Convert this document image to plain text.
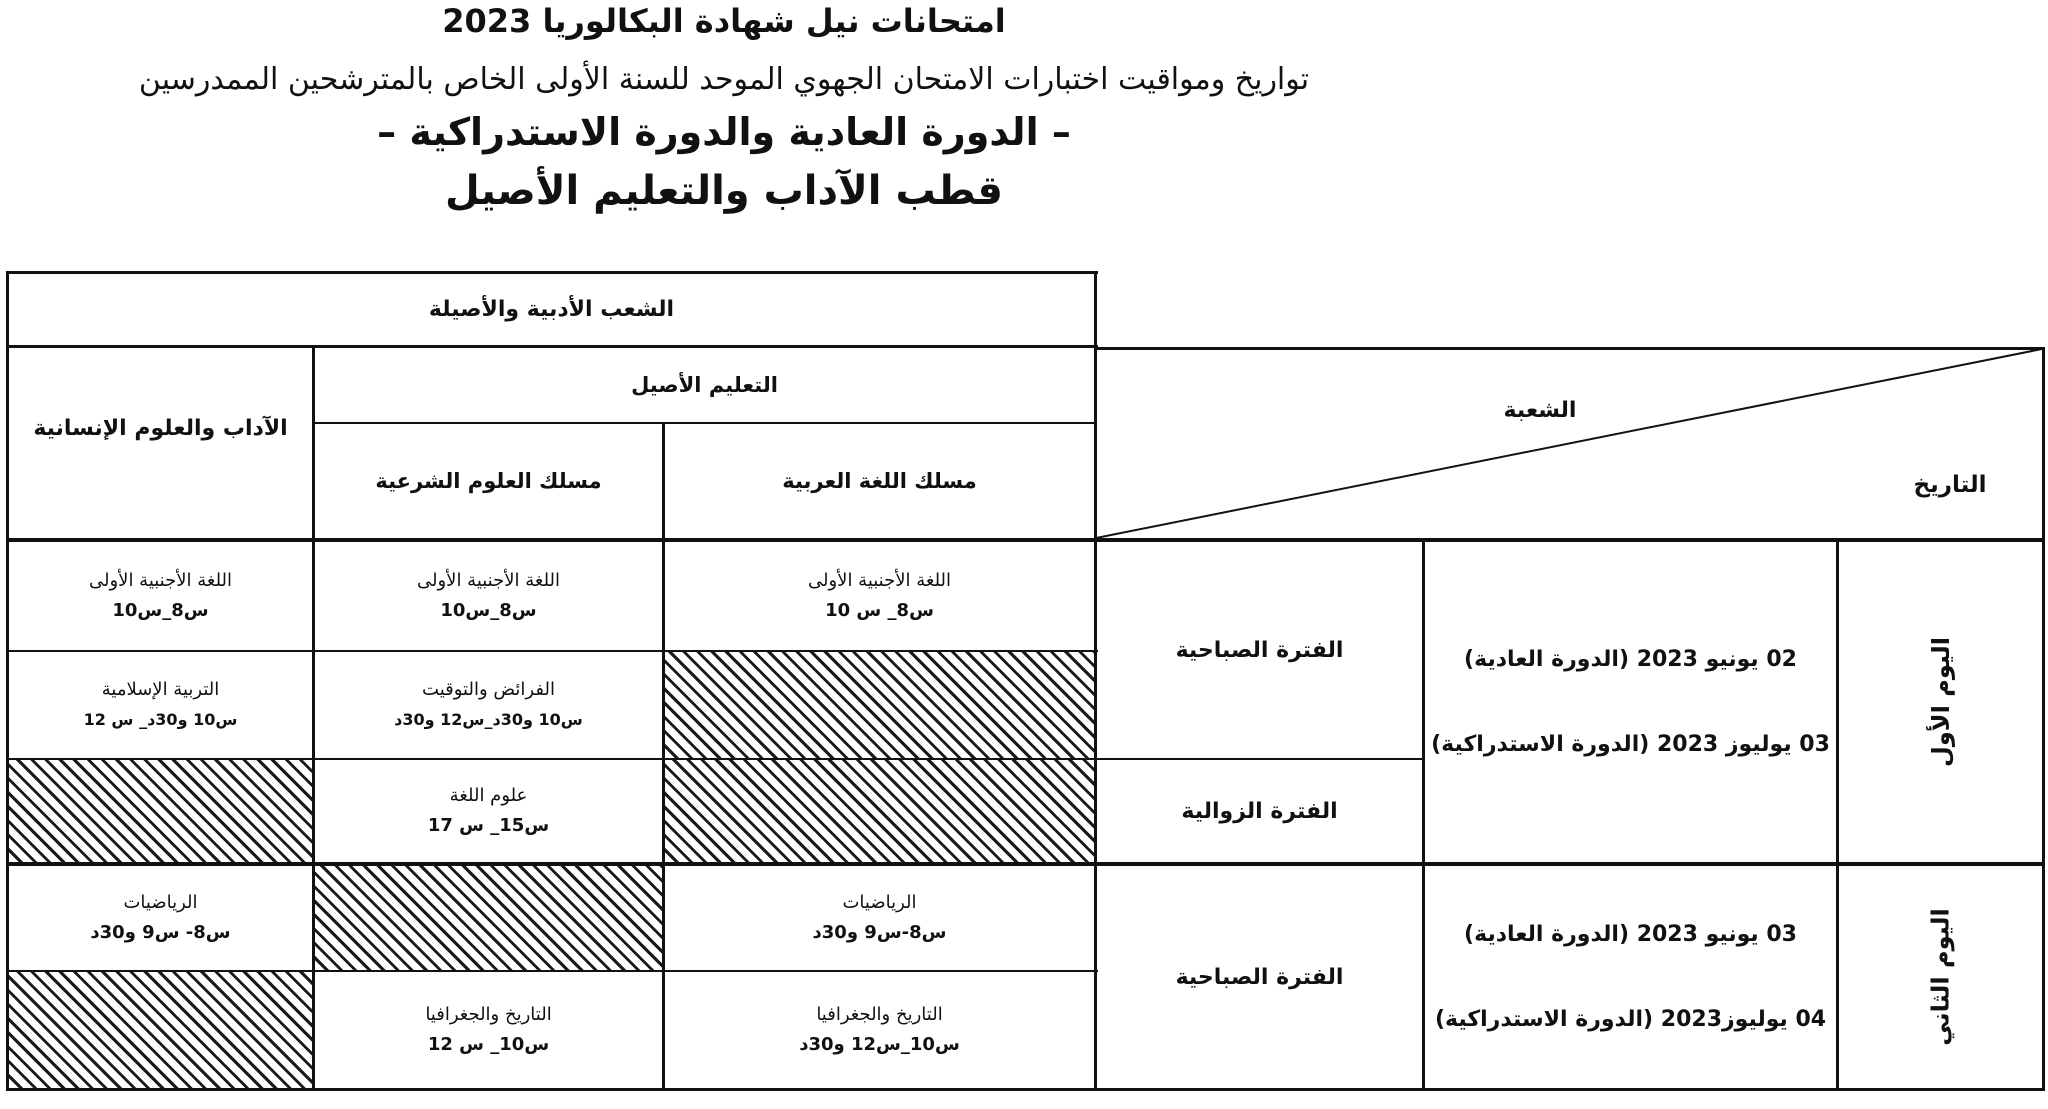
امتحانات نيل شهادة البكالوريا 2023
تواريخ ومواقيت اختبارات الامتحان الجهوي الموحد للسنة الأولى الخاص بالمترشحين الممدرسين
– الدورة العادية والدورة الاستدراكية –
قطب الآداب والتعليم الأصيل
الشعب الأدبية والأصيلة
التعليم الأصيل
الآداب والعلوم الإنسانية
مسلك العلوم الشرعية	مسلك اللغة العربية
الشعبة
التاريخ
اليوم الأول
02 يونيو 2023 (الدورة العادية)
03 يوليوز 2023 (الدورة الاستدراكية)
الفترة الصباحية
الفترة الزوالية
اللغة الأجنبية الأولى
س8_ س 10
اللغة الأجنبية الأولى
س8_س10
اللغة الأجنبية الأولى
س8_س10
الفرائض والتوقيت
س10 و30د_س12 و30د
التربية الإسلامية
س10 و30د_ س 12
علوم اللغة
س15_ س 17
اليوم الثاني
03 يونيو 2023 (الدورة العادية)
04 يوليوز2023 (الدورة الاستدراكية)
الفترة الصباحية
الرياضيات
س8-س9 و30د
الرياضيات
س8- س9 و30د
التاريخ والجغرافيا
س10_س12 و30د
التاريخ والجغرافيا
س10_ س 12
